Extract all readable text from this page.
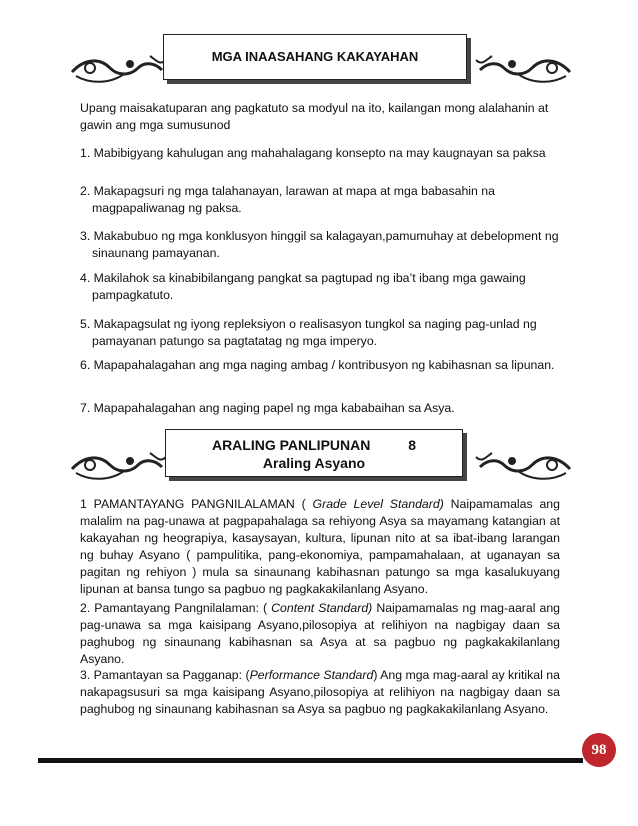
MGA INAASAHANG KAKAYAHAN
Upang maisakatuparan ang pagkatuto sa modyul na ito, kailangan mong alalahanin at
gawin ang mga sumusunod
1. Mabibigyang kahulugan ang mahahalagang konsepto na may kaugnayan sa paksa
2. Makapagsuri ng mga talahanayan, larawan at mapa at mga babasahin na magpapaliwanag ng paksa.
3. Makabubuo ng mga konklusyon hinggil sa kalagayan,pamumuhay at debelopment ng sinaunang pamayanan.
4. Makilahok sa kinabibilangang pangkat sa pagtupad ng iba’t ibang mga gawaing pampagkatuto.
5. Makapagsulat ng iyong repleksiyon o realisasyon tungkol sa naging pag-unlad ng pamayanan patungo sa pagtatatag ng mga imperyo.
6. Mapapahalagahan ang mga naging ambag / kontribusyon ng kabihasnan sa lipunan.
7. Mapapahalagahan ang naging papel ng mga kababaihan sa Asya.
ARALING PANLIPUNAN	8
Araling Asyano
1 PAMANTAYANG PANGNILALAMAN ( Grade Level Standard) Naipamamalas ang malalim na pag-unawa at pagpapahalaga sa rehiyong Asya sa mayamang katangian at kakayahan ng heograpiya, kasaysayan, kultura, lipunan nito at sa ibat-ibang larangan ng buhay Asyano ( pampulitika, pang-ekonomiya, pampamahalaan, at uganayan sa pagitan ng rehiyon ) mula sa sinaunang kabihasnan patungo sa mga kasalukuyang lipunan at bansa tungo sa pagbuo ng pagkakakilanlang Asyano.
2. Pamantayang Pangnilalaman: ( Content Standard) Naipamamalas ng mag-aaral ang pag-unawa sa mga kaisipang Asyano,pilosopiya at relihiyon na nagbigay daan sa paghubog ng sinaunang kabihasnan sa Asya at sa pagbuo ng pagkakakilanlang Asyano.
3. Pamantayan sa Pagganap: (Performance Standard) Ang mga mag-aaral ay kritikal na nakapagsusuri sa mga kaisipang Asyano,pilosopiya at relihiyon na nagbigay daan sa paghubog ng sinaunang kabihasnan sa Asya sa pagbuo ng pagkakakilanlang Asyano.
98
